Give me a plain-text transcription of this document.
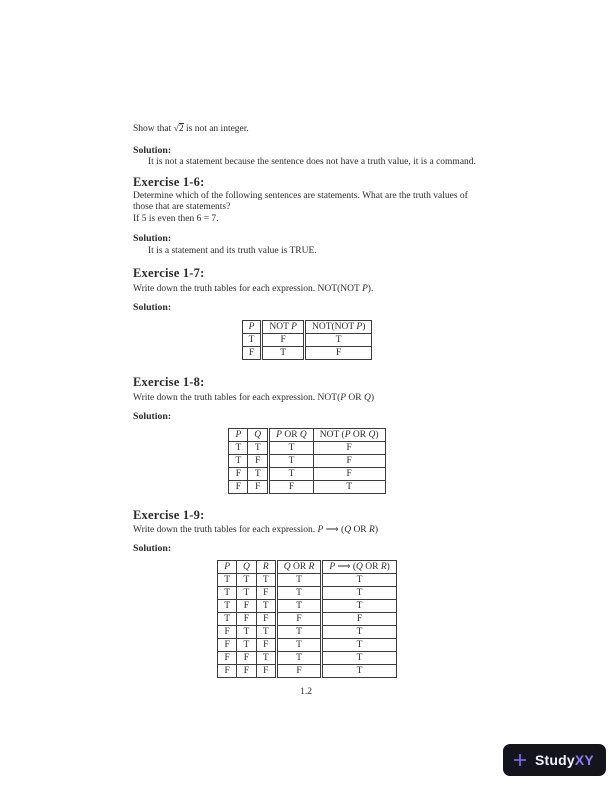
Show that √2 is not an integer.

Solution:

It is not a statement because the sentence does not have a truth value, it is a command.

Exercise 1-6:

Determine which of the following sentences are statements. What are the truth values of those that are statements?

If 5 is even then 6 = 7.

Solution:

It is a statement and its truth value is TRUE.

Exercise 1-7:

Write down the truth tables for each expression. NOT(NOT P).

Solution:

P	NOT P	NOT(NOT P)
T	F	T
F	T	F
Exercise 1-8:

Write down the truth tables for each expression. NOT(P OR Q)

Solution:

P	Q	P OR Q	NOT (P OR Q)
T	T	T	F
T	F	T	F
F	T	T	F
F	F	F	T
Exercise 1-9:

Write down the truth tables for each expression. P ⟹ (Q OR R)

Solution:

P	Q	R	Q OR R	P ⟹ (Q OR R)
T	T	T	T	T
T	T	F	T	T
T	F	T	T	T
T	F	F	F	F
F	T	T	T	T
F	T	F	T	T
F	F	T	T	T
F	F	F	F	T
1.2
StudyXY
